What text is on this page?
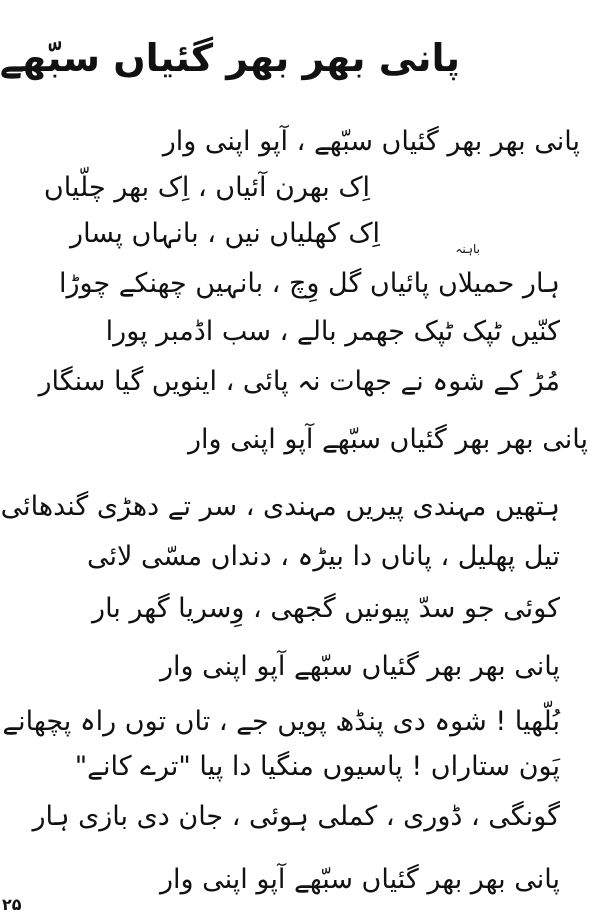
پانی بھر بھر گئیاں سبّھے
پانی بھر بھر گئیاں سبّھے ، آپو اپنی وار
اِک بھرن آئیاں ، اِک بھر چلّیاں
اِک کھلیاں نیں ، بانہاں پسار	باہنہ
ہار حمیلاں پائیاں گل وِچ ، بانہیں چھنکے چوڑا
کنّیں ٹپک ٹپک جھمر بالے ، سب اڈمبر پورا
مُڑ کے شوہ نے جھات نہ پائی ، اینویں گیا سنگار
پانی بھر بھر گئیاں سبّھے آپو اپنی وار
ہتھیں مہندی پیریں مہندی ، سر تے دھڑی گندھائی
تیل پھلیل ، پاناں دا بیڑہ ، دنداں مسّی لائی
کوئی جو سدّ پیونیں گجھی ، وِسریا گھر بار
پانی بھر بھر گئیاں سبّھے آپو اپنی وار
بُلّھیا ! شوہ دی پنڈھ پویں جے ، تاں توں راہ پچھانے
پَون ستاراں ! پاسیوں منگیا دا پیا "ترے کانے"
گونگی ، ڈوری ، کملی ہوئی ، جان دی بازی ہار
پانی بھر بھر گئیاں سبّھے آپو اپنی وار
۲۵
